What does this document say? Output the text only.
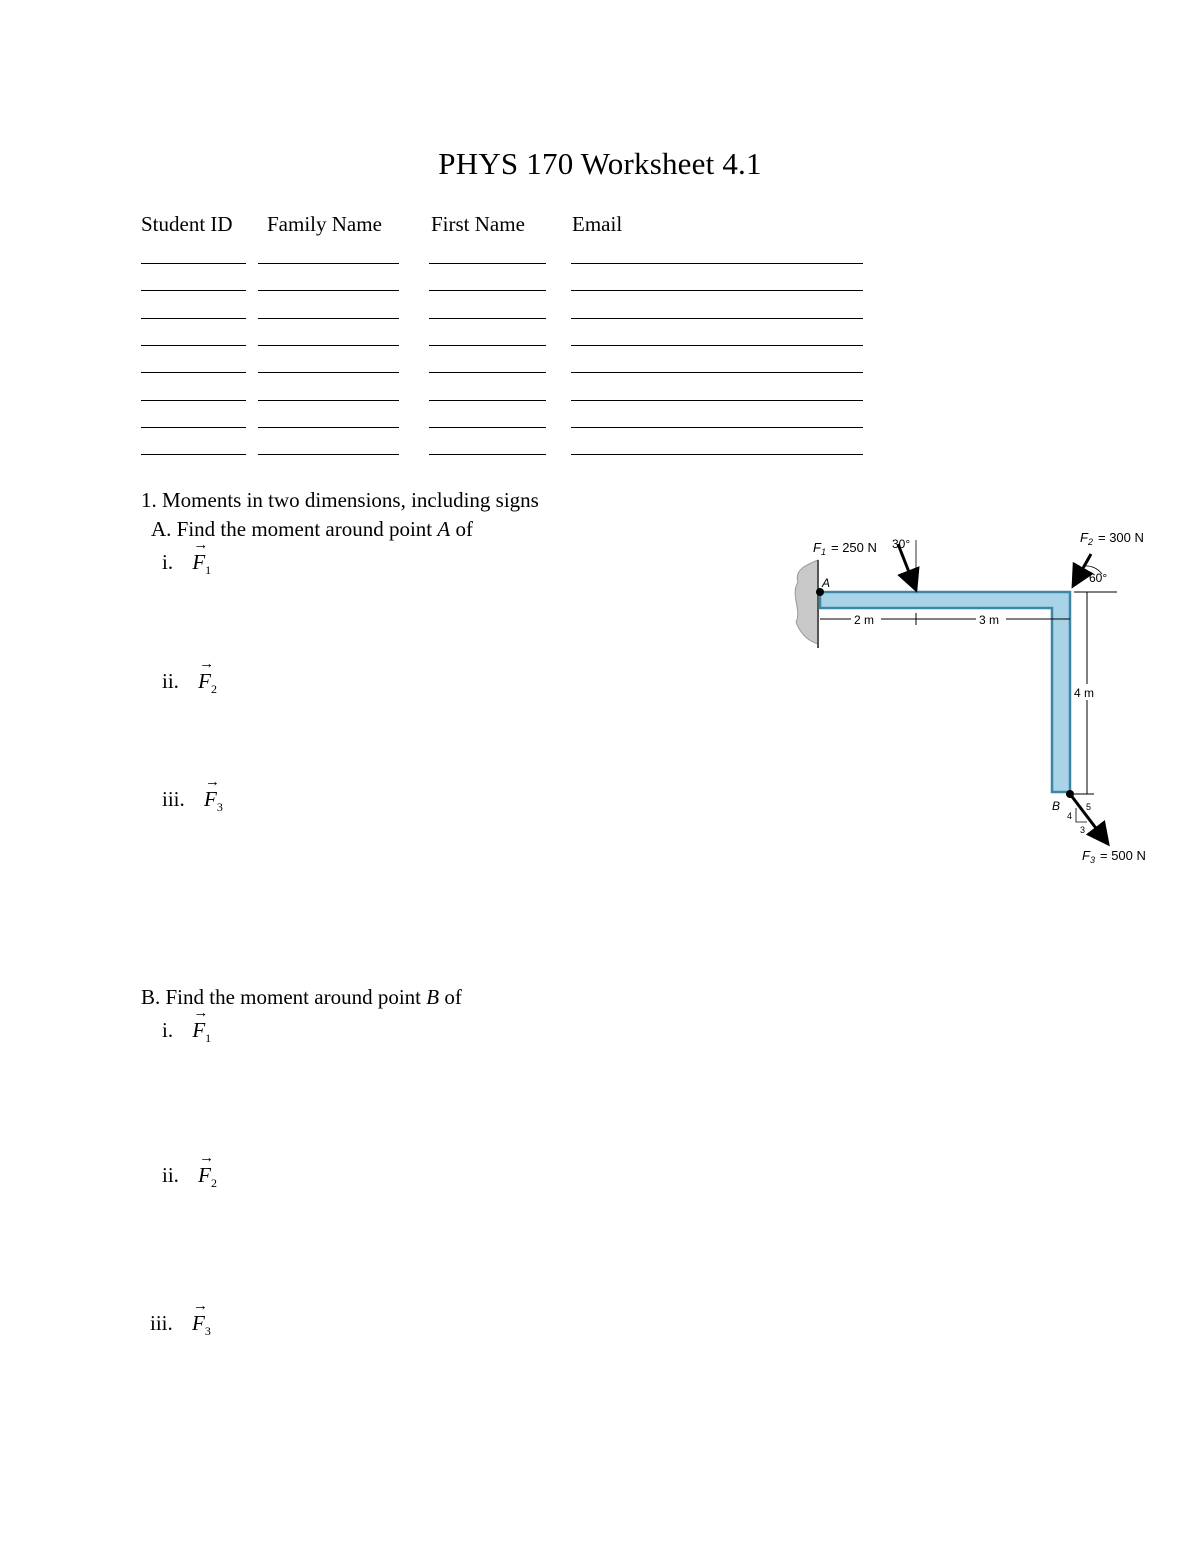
PHYS 170 Worksheet 4.1
Student ID Family Name First Name Email
1. Moments in two dimensions, including signs
A. Find the moment around point A of
i.
→
$F_1$
ii.
→
$F_2$
iii.
→
$F_3$
B. Find the moment around point B of
i.
→
$F_1$
ii.
→
$F_2$
iii.
→
$F_3$
A
B
2 m	3 m
4 m
$F_1 = 250$ N 30°	$F_2 = 300$ N
60°
5
4
3
$F_3 = 500$ N
